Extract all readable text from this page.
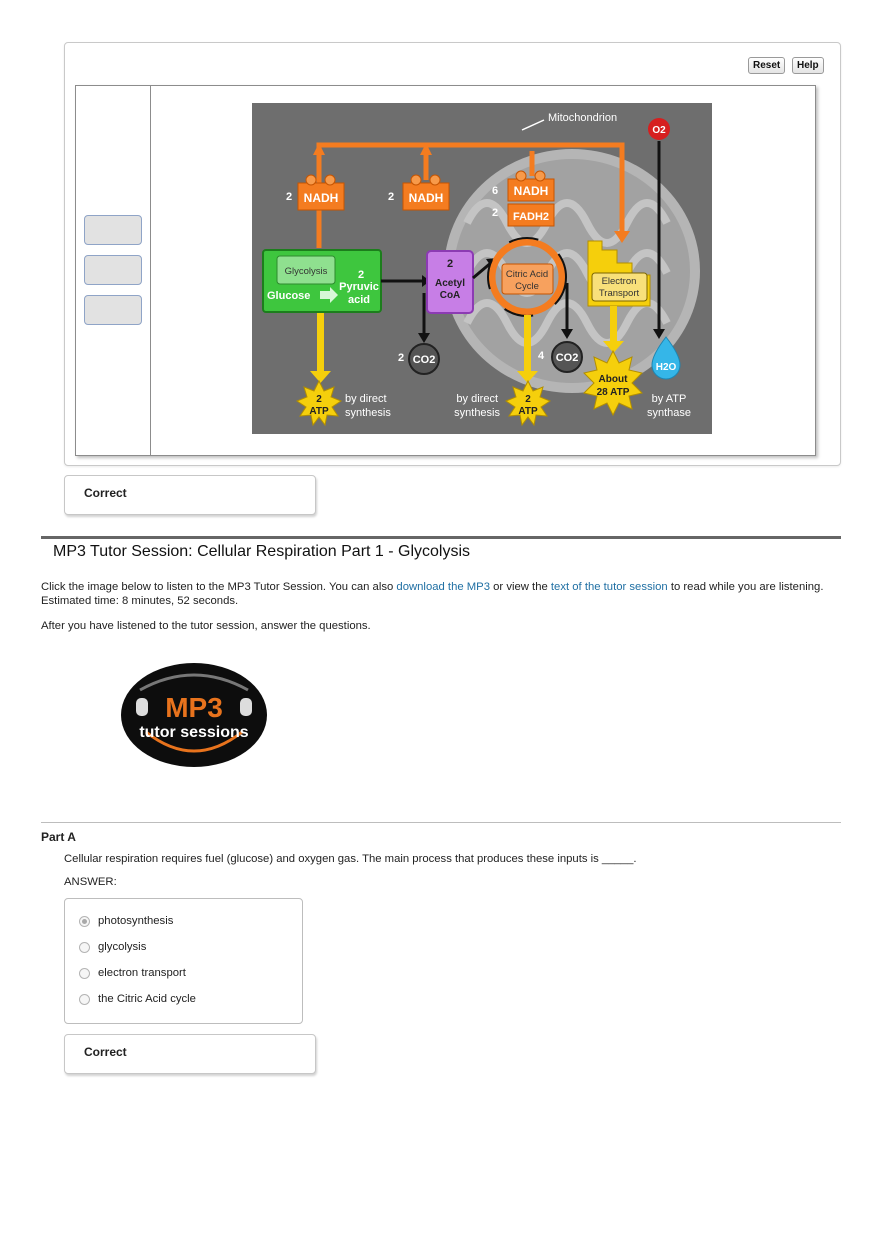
Reset	Help
Mitochondrion
O2
NADH
2	NADH
2	NADH
6
FADH2
2
Glycolysis
Glucose
2
Pyruvic
acid
2
Acetyl
CoA
Citric Acid
Cycle	Electron
Transport
CO2
2	CO2
4
H2O
2
ATP
by direct
synthesis
2
ATP
by direct
synthesis
About
28 ATP
by ATP
synthase
Correct
MP3 Tutor Session: Cellular Respiration Part 1 - Glycolysis
Click the image below to listen to the MP3 Tutor Session. You can also download the MP3 or view the text of the tutor session to read while you are listening.
Estimated time: 8 minutes, 52 seconds.
After you have listened to the tutor session, answer the questions.
MP3
tutor sessions
Part A
Cellular respiration requires fuel (glucose) and oxygen gas. The main process that produces these inputs is _____.
ANSWER:
photosynthesis
glycolysis
electron transport
the Citric Acid cycle
Correct
